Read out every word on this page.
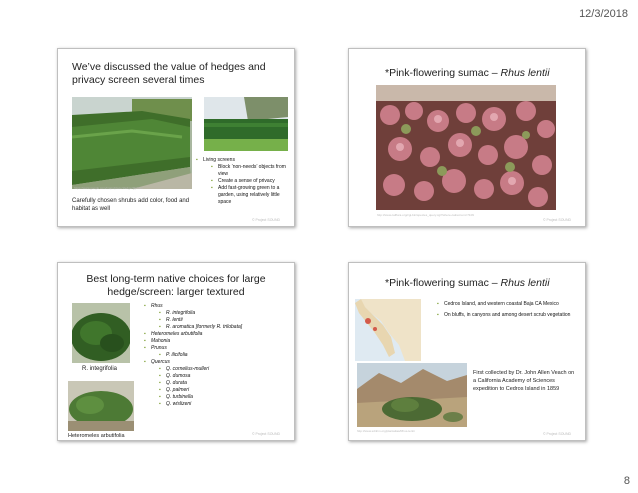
12/3/2018
We’ve discussed the value of hedges and privacy screen several times
https://www.google.com/maps/place/Hedge/@photo
Carefully chosen shrubs add color, food and habitat as well
▪ Living screens
▪ Block ‘non-needs’ objects from view
▪ Create a sense of privacy
▪ Add fast-growing green to a garden, using relatively little space
© Project SOUND
*Pink-flowering sumac – Rhus lentii
http://www.calflora.org/cgi-bin/species_query.cgi?where-calrecnum=7109
© Project SOUND
Best long-term native choices for large hedge/screen: larger textured
R. integrifolia
Heteromeles arbutifolia
▪ Rhus
▪ R. integrifolia
▪ R. lentii
▪ R. aromatica [formerly R. trilobata]
▪ Heteromeles arbutifolia
▪ Mahonia
▪ Prunus
▪ P. ilicifolia
▪ Quercus
▪ Q. cornelius-mulleri
▪ Q. dumosa
▪ Q. durata
▪ Q. palmeri
▪ Q. turbinella
▪ Q. wislizeni
© Project SOUND
*Pink-flowering sumac – Rhus lentii
▪ Cedros Island, and western coastal Baja CA Mexico
▪ On bluffs, in canyons and among desert scrub vegetation
http://www.sdnhm.org/plantatlas/Rhus-lentii
First collected by Dr. John Allen Veach on a California Academy of Sciences expedition to Cedros Island in 1859
© Project SOUND
8
